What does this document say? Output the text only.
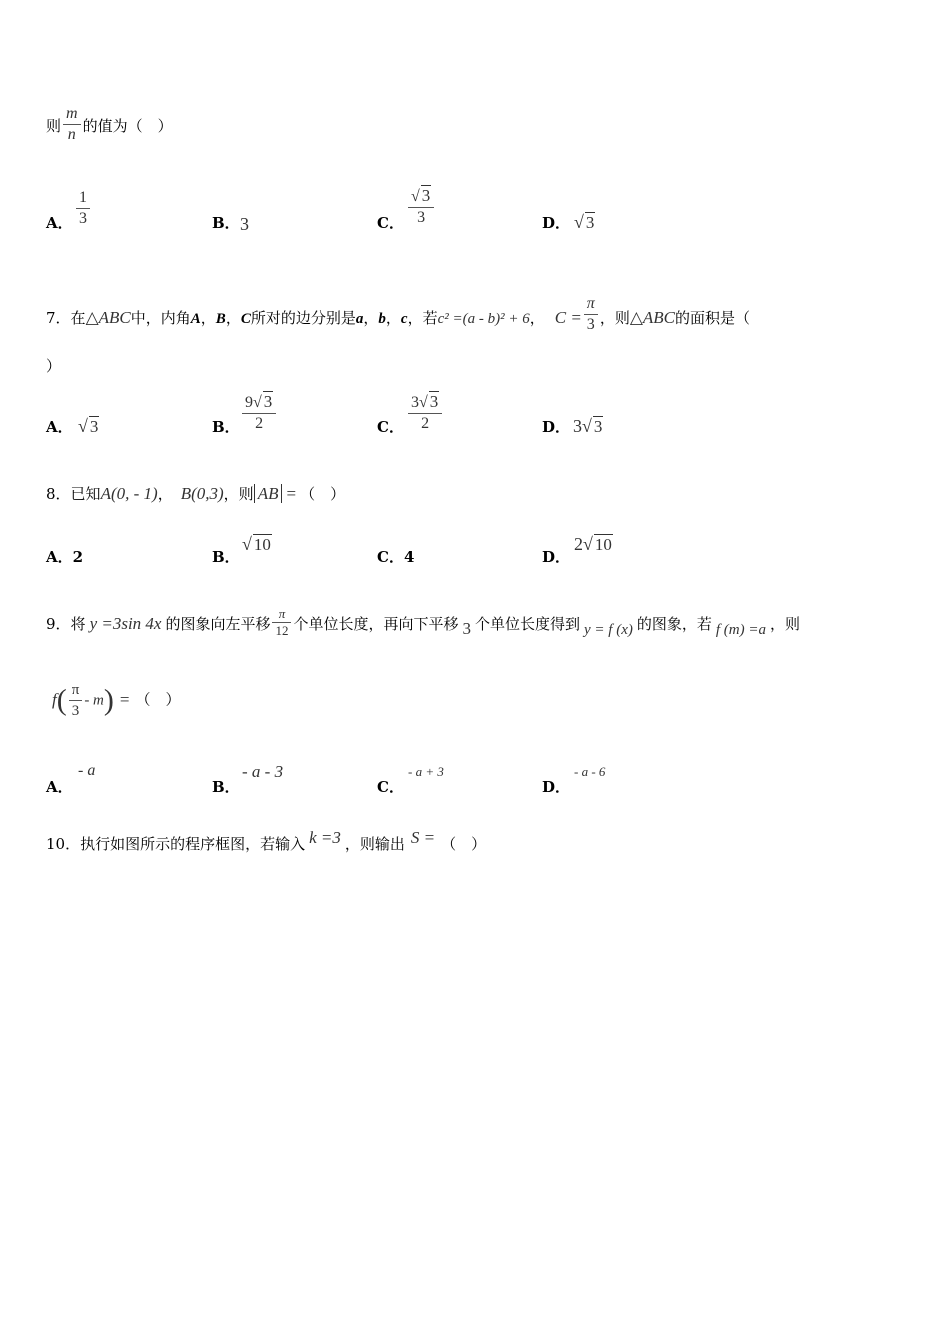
则 $\frac{m}{n}$ 的值为（　）
A． $\frac{1}{3}$	B． 3	C． $\frac{√ 3}{3}$	D． √ 3
7．在△ABC中，内角A，B，C所对的边分别是a，b，c，若c² =(a - b)² + 6， $C = \frac{\pi}{3}$ ，则△ABC的面积是（
）
A． √ 3	B． $\frac{9√ 3}{2}$	C． $\frac{3√ 3}{2}$	D． 3√ 3
8．已知A(0, - 1)， B(0,3)，则 AB = （　）
A．2	B．
√ 10
C．4	D．
2√ 10
9．将 y =3sin 4x 的图象向左平移 $\frac{\pi}{12}$ 个单位长度，再向下平移 3 个单位长度得到 y = f (x) 的图象，若 f (m) =a ，则
$f( \frac{\pi}{3} - m)$ = （　）
A．
- a
B．
- a - 3
C．
- a + 3
D．
- a - 6
10．执行如图所示的程序框图，若输入 k =3 ，则输出 S = （　）
